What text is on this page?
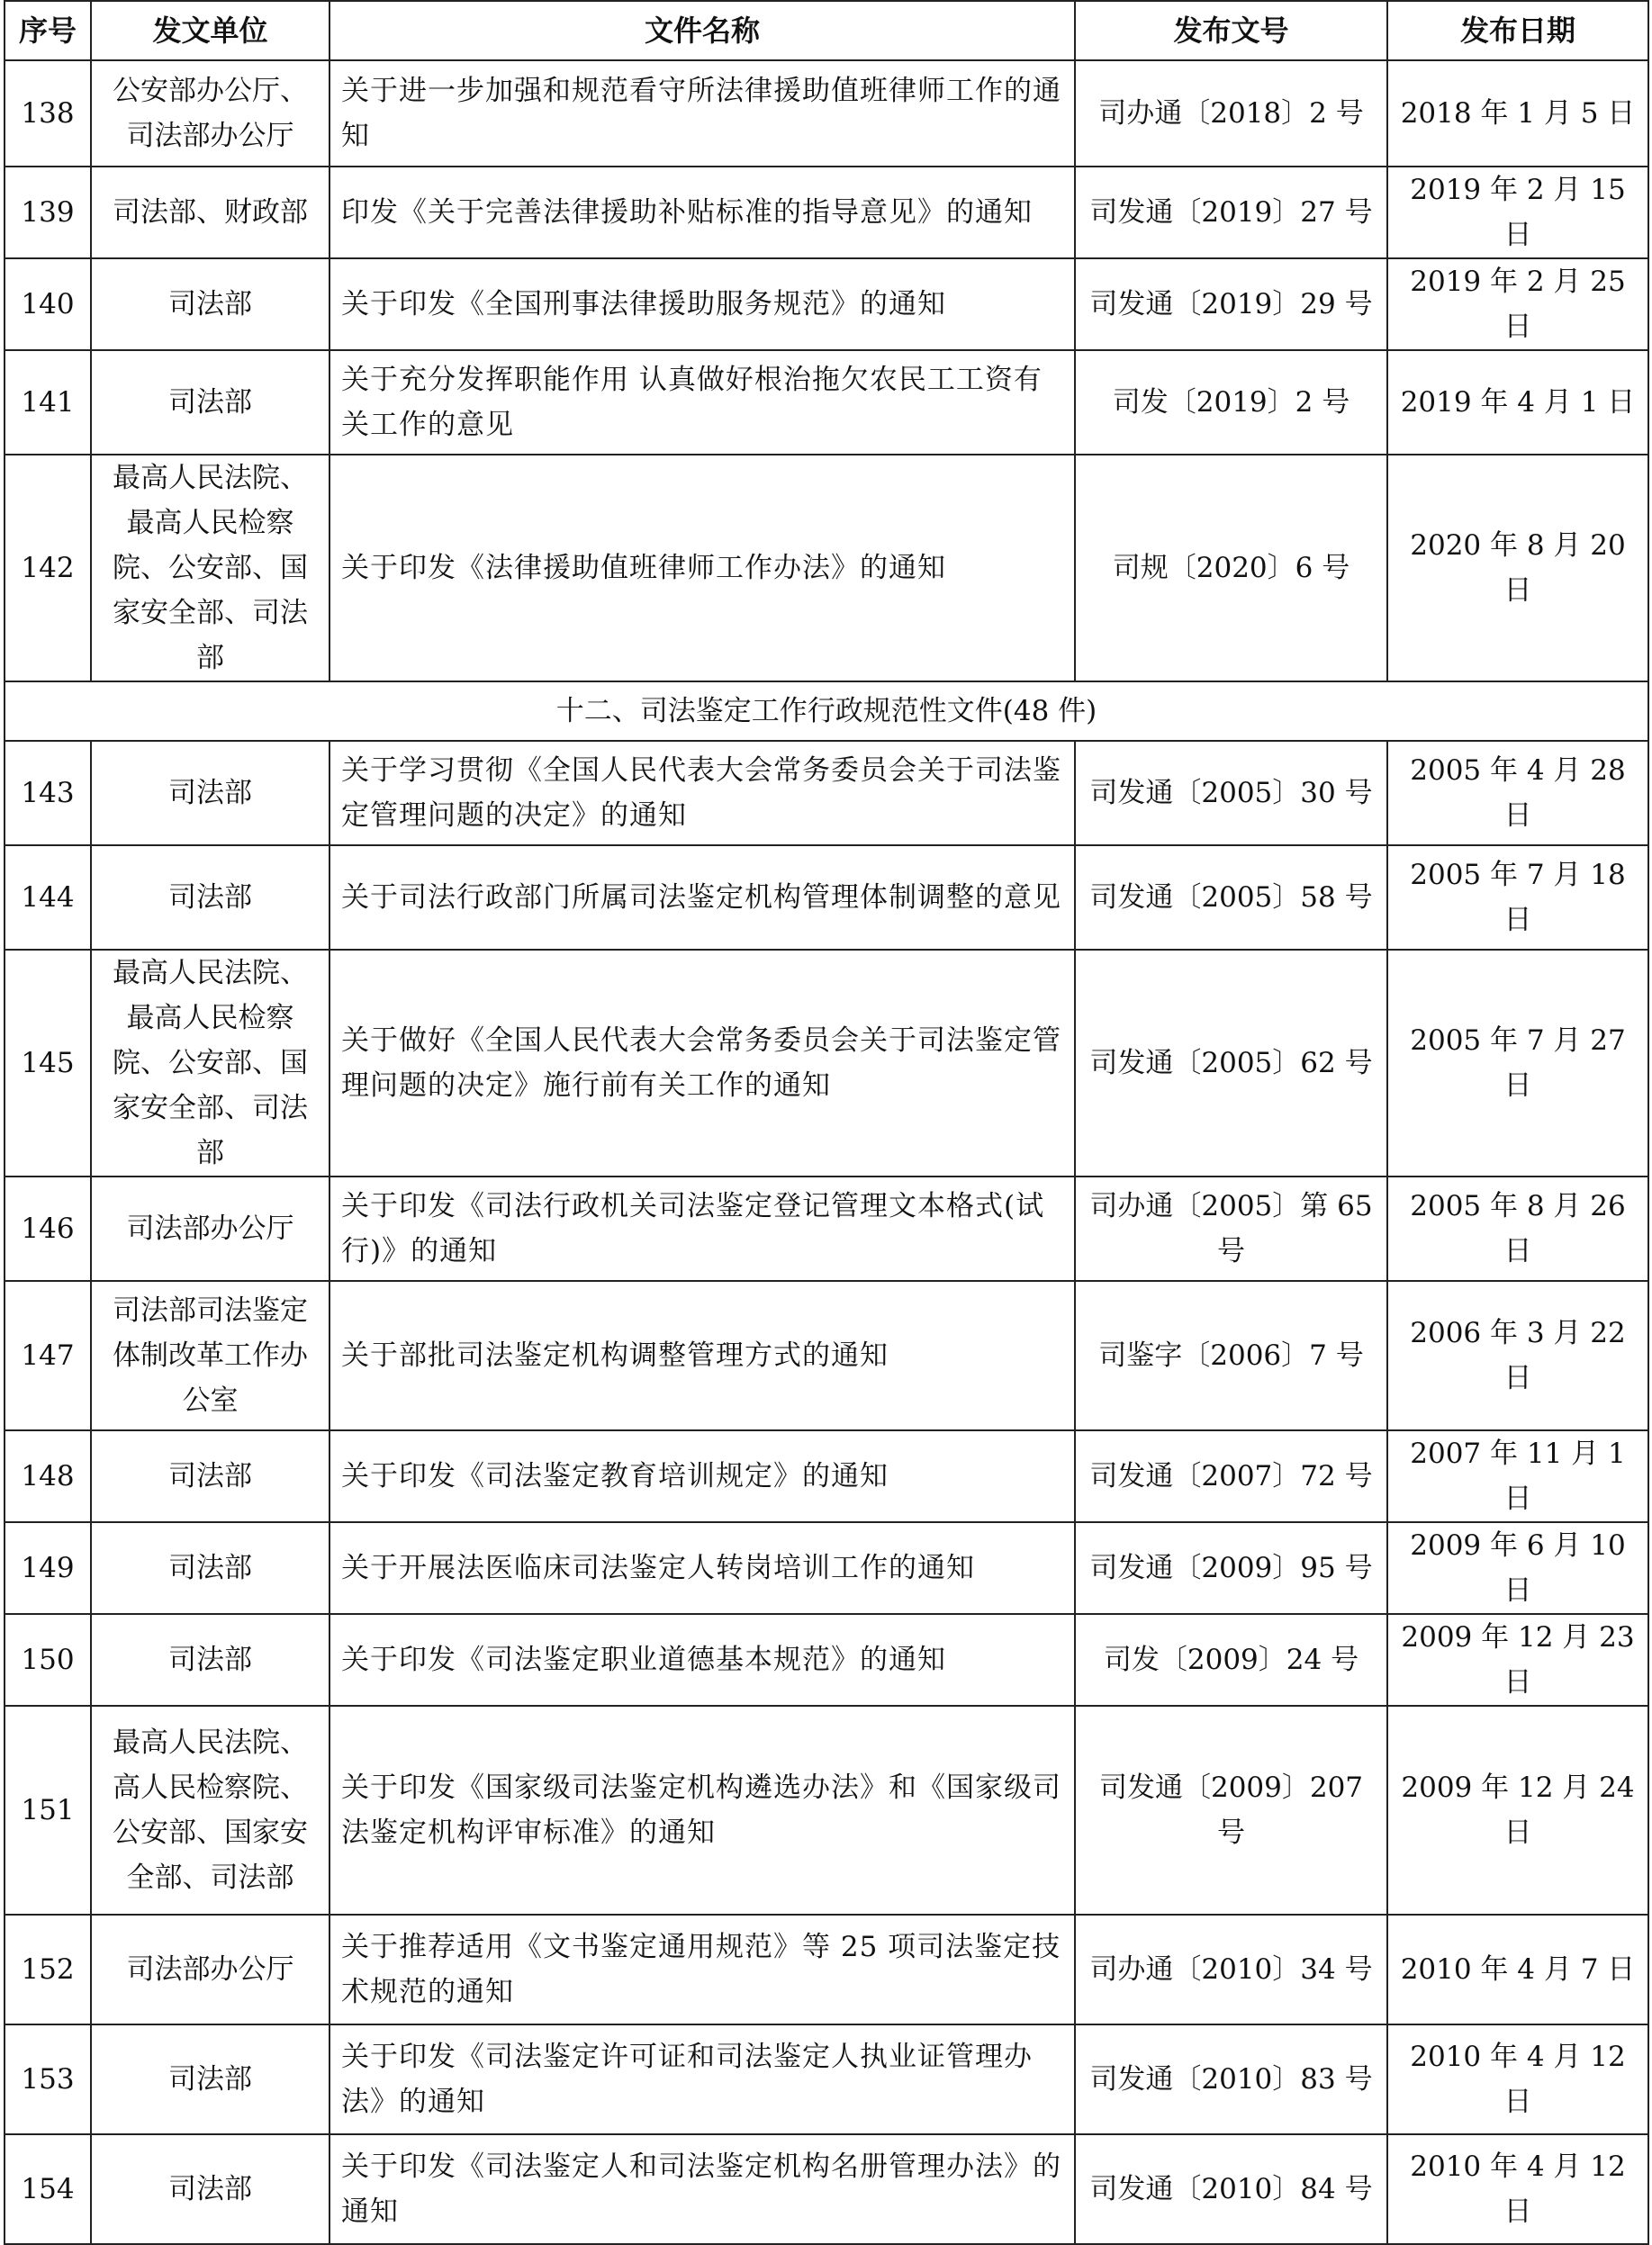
序号	发文单位	文件名称	发布文号	发布日期
138	公安部办公厅、司法部办公厅	关于进一步加强和规范看守所法律援助值班律师工作的通知	司办通〔2018〕2 号	2018 年 1 月 5 日
139	司法部、财政部	印发《关于完善法律援助补贴标准的指导意见》的通知	司发通〔2019〕27 号	2019 年 2 月 15 日
140	司法部	关于印发《全国刑事法律援助服务规范》的通知	司发通〔2019〕29 号	2019 年 2 月 25 日
141	司法部	关于充分发挥职能作用 认真做好根治拖欠农民工工资有关工作的意见	司发〔2019〕2 号	2019 年 4 月 1 日
142	最高人民法院、最高人民检察院、公安部、国家安全部、司法部	关于印发《法律援助值班律师工作办法》的通知	司规〔2020〕6 号	2020 年 8 月 20 日
十二、司法鉴定工作行政规范性文件(48 件)				
143	司法部	关于学习贯彻《全国人民代表大会常务委员会关于司法鉴定管理问题的决定》的通知	司发通〔2005〕30 号	2005 年 4 月 28 日
144	司法部	关于司法行政部门所属司法鉴定机构管理体制调整的意见	司发通〔2005〕58 号	2005 年 7 月 18 日
145	最高人民法院、最高人民检察院、公安部、国家安全部、司法部	关于做好《全国人民代表大会常务委员会关于司法鉴定管理问题的决定》施行前有关工作的通知	司发通〔2005〕62 号	2005 年 7 月 27 日
146	司法部办公厅	关于印发《司法行政机关司法鉴定登记管理文本格式(试行)》的通知	司办通〔2005〕第 65 号	2005 年 8 月 26 日
147	司法部司法鉴定体制改革工作办公室	关于部批司法鉴定机构调整管理方式的通知	司鉴字〔2006〕7 号	2006 年 3 月 22 日
148	司法部	关于印发《司法鉴定教育培训规定》的通知	司发通〔2007〕72 号	2007 年 11 月 1 日
149	司法部	关于开展法医临床司法鉴定人转岗培训工作的通知	司发通〔2009〕95 号	2009 年 6 月 10 日
150	司法部	关于印发《司法鉴定职业道德基本规范》的通知	司发〔2009〕24 号	2009 年 12 月 23 日
151	最高人民法院、高人民检察院、公安部、国家安全部、司法部	关于印发《国家级司法鉴定机构遴选办法》和《国家级司法鉴定机构评审标准》的通知	司发通〔2009〕207 号	2009 年 12 月 24 日
152	司法部办公厅	关于推荐适用《文书鉴定通用规范》等 25 项司法鉴定技术规范的通知	司办通〔2010〕34 号	2010 年 4 月 7 日
153	司法部	关于印发《司法鉴定许可证和司法鉴定人执业证管理办法》的通知	司发通〔2010〕83 号	2010 年 4 月 12 日
154	司法部	关于印发《司法鉴定人和司法鉴定机构名册管理办法》的通知	司发通〔2010〕84 号	2010 年 4 月 12 日
